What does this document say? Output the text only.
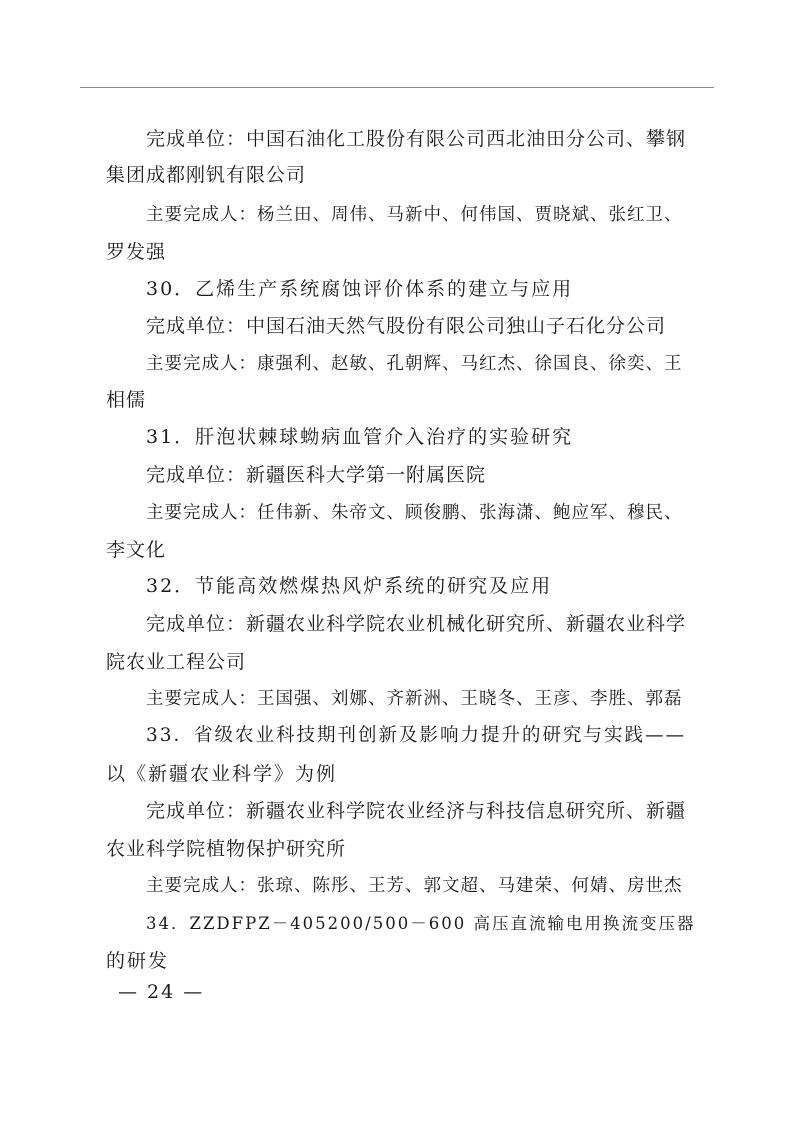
完成单位：中国石油化工股份有限公司西北油田分公司、攀钢
集团成都刚钒有限公司
主要完成人：杨兰田、周伟、马新中、何伟国、贾晓斌、张红卫、
罗发强
30．乙烯生产系统腐蚀评价体系的建立与应用
完成单位：中国石油天然气股份有限公司独山子石化分公司
主要完成人：康强利、赵敏、孔朝辉、马红杰、徐国良、徐奕、王
相儒
31．肝泡状棘球蚴病血管介入治疗的实验研究
完成单位：新疆医科大学第一附属医院
主要完成人：任伟新、朱帝文、顾俊鹏、张海潇、鲍应军、穆民、
李文化
32．节能高效燃煤热风炉系统的研究及应用
完成单位：新疆农业科学院农业机械化研究所、新疆农业科学
院农业工程公司
主要完成人：王国强、刘娜、齐新洲、王晓冬、王彦、李胜、郭磊
33．省级农业科技期刊创新及影响力提升的研究与实践——
以《新疆农业科学》为例
完成单位：新疆农业科学院农业经济与科技信息研究所、新疆
农业科学院植物保护研究所
主要完成人：张琼、陈彤、王芳、郭文超、马建荣、何婧、房世杰
34．ZZDFPZ－405200/500－600 高压直流输电用换流变压器
的研发
— 24 —
